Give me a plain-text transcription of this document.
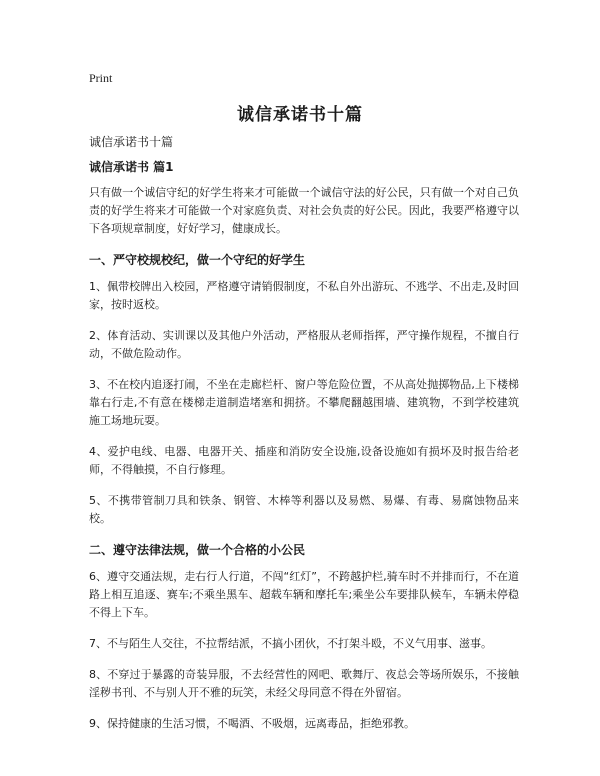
Print
诚信承诺书十篇
诚信承诺书十篇
诚信承诺书 篇1

只有做一个诚信守纪的好学生将来才可能做一个诚信守法的好公民，只有做一个对自己负责的好学生将来才可能做一个对家庭负责、对社会负责的好公民。因此，我要严格遵守以下各项规章制度，好好学习，健康成长。

一、严守校规校纪，做一个守纪的好学生

1、佩带校牌出入校园，严格遵守请销假制度，不私自外出游玩、不逃学、不出走,及时回家，按时返校。

2、体育活动、实训课以及其他户外活动，严格服从老师指挥，严守操作规程，不擅自行动，不做危险动作。

3、不在校内追逐打闹，不坐在走廊栏杆、窗户等危险位置，不从高处抛掷物品,上下楼梯靠右行走,不有意在楼梯走道制造堵塞和拥挤。不攀爬翻越围墙、建筑物，不到学校建筑施工场地玩耍。

4、爱护电线、电器、电器开关、插座和消防安全设施,设备设施如有损坏及时报告给老师，不得触摸，不自行修理。

5、不携带管制刀具和铁条、钢管、木棒等利器以及易燃、易爆、有毒、易腐蚀物品来校。

二、遵守法律法规，做一个合格的小公民

6、遵守交通法规，走右行人行道，不闯“红灯”，不跨越护栏,骑车时不并排而行，不在道路上相互追逐、赛车;不乘坐黑车、超载车辆和摩托车;乘坐公车要排队候车，车辆未停稳不得上下车。

7、不与陌生人交往，不拉帮结派，不搞小团伙，不打架斗殴，不义气用事、滋事。

8、不穿过于暴露的奇装异服，不去经营性的网吧、歌舞厅、夜总会等场所娱乐，不接触淫秽书刊、不与别人开不雅的玩笑，未经父母同意不得在外留宿。

9、保持健康的生活习惯，不喝酒、不吸烟，远离毒品，拒绝邪教。
